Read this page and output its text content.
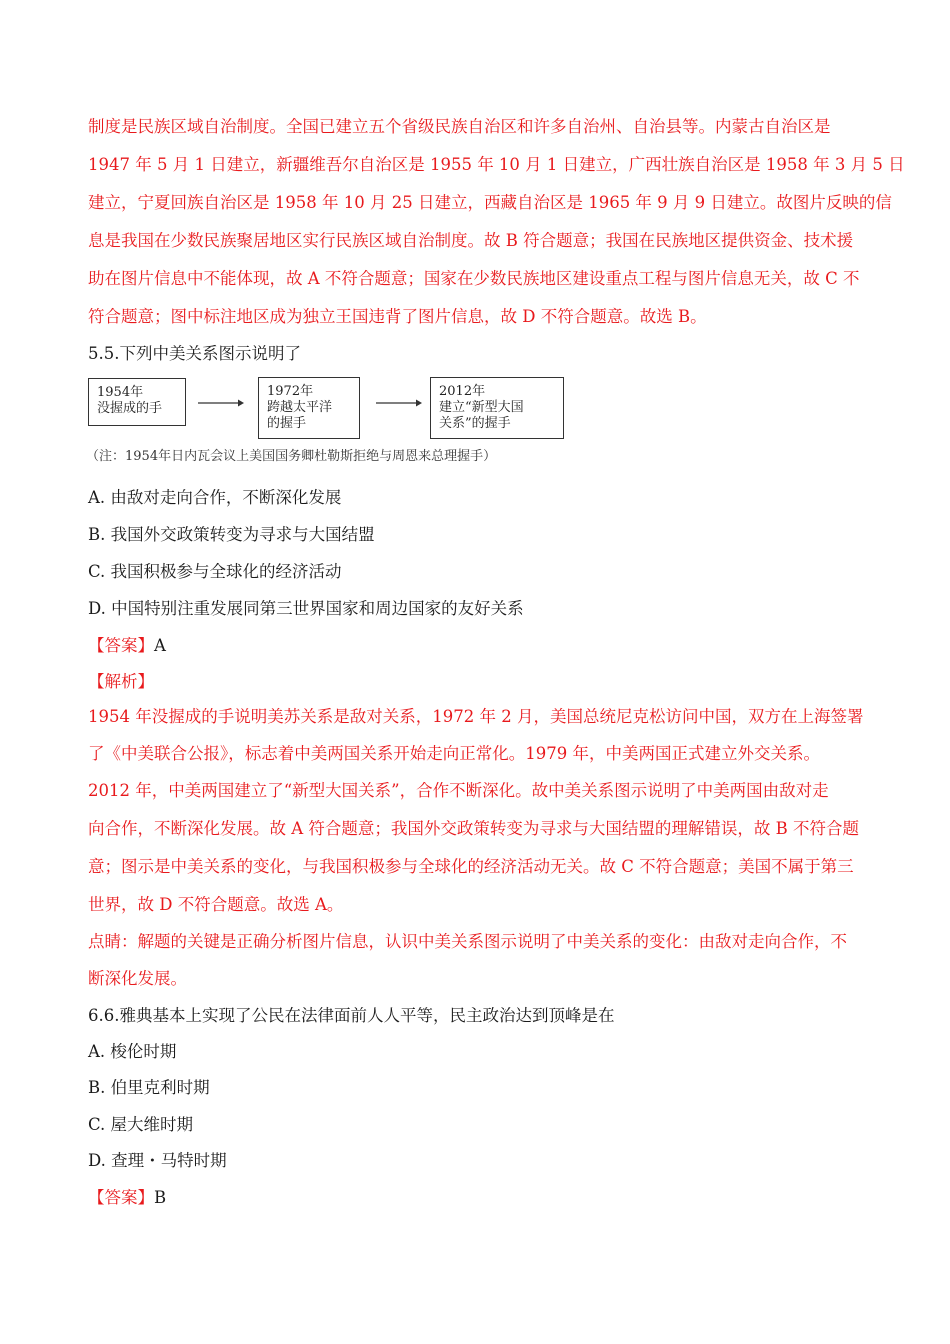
制度是民族区域自治制度。全国已建立五个省级民族自治区和许多自治州、自治县等。内蒙古自治区是
1947 年 5 月 1 日建立，新疆维吾尔自治区是 1955 年 10 月 1 日建立，广西壮族自治区是 1958 年 3 月 5 日
建立，宁夏回族自治区是 1958 年 10 月 25 日建立，西藏自治区是 1965 年 9 月 9 日建立。故图片反映的信
息是我国在少数民族聚居地区实行民族区域自治制度。故 B 符合题意；我国在民族地区提供资金、技术援
助在图片信息中不能体现，故 A 不符合题意；国家在少数民族地区建设重点工程与图片信息无关，故 C 不
符合题意；图中标注地区成为独立王国违背了图片信息，故 D 不符合题意。故选 B。
5.5.下列中美关系图示说明了
1954年
没握成的手
1972年
跨越太平洋
的握手
2012年
建立“新型大国
关系”的握手
（注：1954年日内瓦会议上美国国务卿杜勒斯拒绝与周恩来总理握手）
A. 由敌对走向合作，不断深化发展
B. 我国外交政策转变为寻求与大国结盟
C. 我国积极参与全球化的经济活动
D. 中国特别注重发展同第三世界国家和周边国家的友好关系
【答案】A
【解析】
1954 年没握成的手说明美苏关系是敌对关系，1972 年 2 月，美国总统尼克松访问中国，双方在上海签署
了《中美联合公报》，标志着中美两国关系开始走向正常化。1979 年，中美两国正式建立外交关系。
2012 年，中美两国建立了“新型大国关系”，合作不断深化。故中美关系图示说明了中美两国由敌对走
向合作，不断深化发展。故 A 符合题意；我国外交政策转变为寻求与大国结盟的理解错误，故 B 不符合题
意；图示是中美关系的变化，与我国积极参与全球化的经济活动无关。故 C 不符合题意；美国不属于第三
世界，故 D 不符合题意。故选 A。
点睛：解题的关键是正确分析图片信息，认识中美关系图示说明了中美关系的变化：由敌对走向合作，不
断深化发展。
6.6.雅典基本上实现了公民在法律面前人人平等，民主政治达到顶峰是在
A. 梭伦时期
B. 伯里克利时期
C. 屋大维时期
D. 查理・马特时期
【答案】B
